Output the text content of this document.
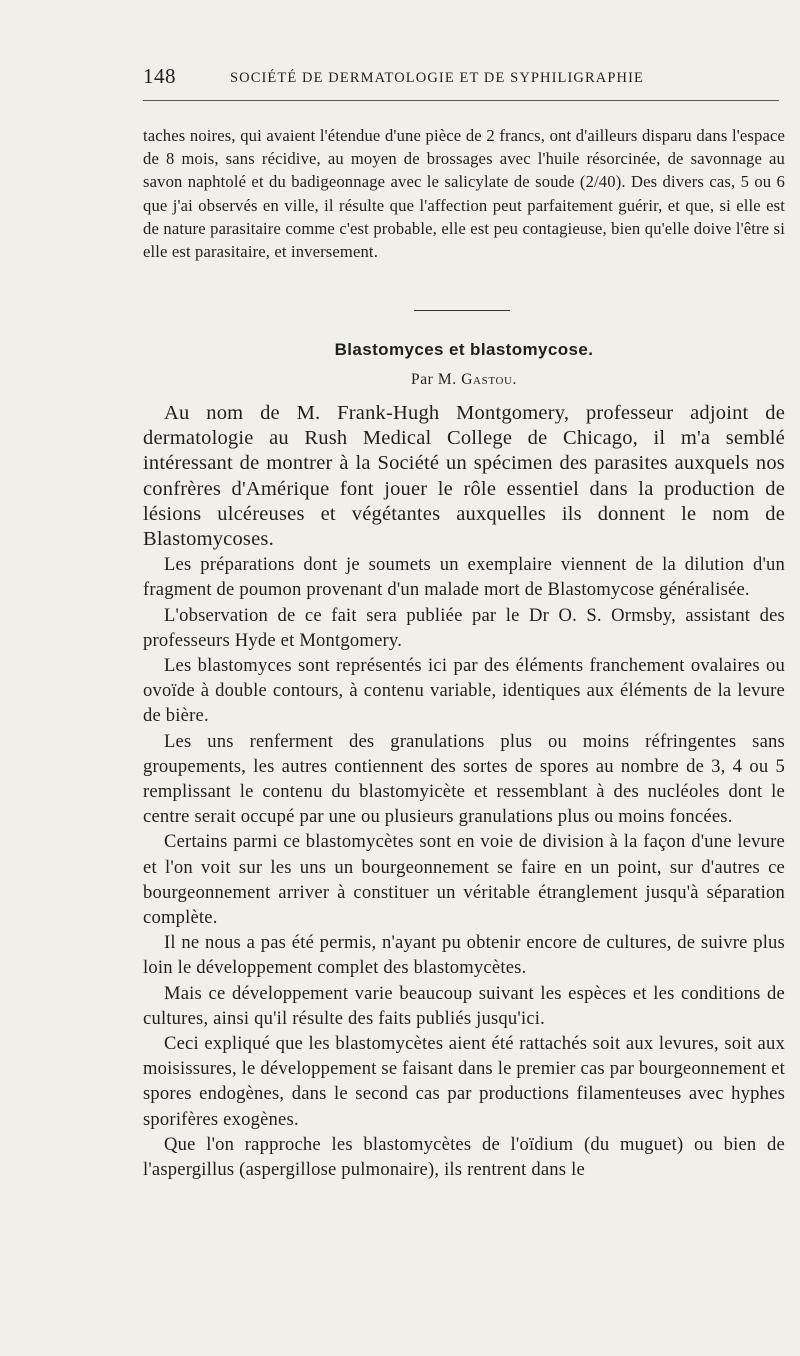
148	SOCIÉTÉ DE DERMATOLOGIE ET DE SYPHILIGRAPHIE

taches noires, qui avaient l'étendue d'une pièce de 2 francs, ont d'ailleurs disparu dans l'espace de 8 mois, sans récidive, au moyen de brossages avec l'huile résorcinée, de savonnage au savon naphtolé et du badigeonnage avec le salicylate de soude (2/40). Des divers cas, 5 ou 6 que j'ai observés en ville, il résulte que l'affection peut parfaitement guérir, et que, si elle est de nature parasitaire comme c'est probable, elle est peu contagieuse, bien qu'elle doive l'être si elle est parasitaire, et inversement.

Blastomyces et blastomycose.
Par M. Gastou.

Au nom de M. Frank-Hugh Montgomery, professeur adjoint de dermatologie au Rush Medical College de Chicago, il m'a semblé intéressant de montrer à la Société un spécimen des parasites auxquels nos confrères d'Amérique font jouer le rôle essentiel dans la production de lésions ulcéreuses et végétantes auxquelles ils donnent le nom de Blastomycoses.

Les préparations dont je soumets un exemplaire viennent de la dilution d'un fragment de poumon provenant d'un malade mort de Blastomycose généralisée.

L'observation de ce fait sera publiée par le Dr O. S. Ormsby, assistant des professeurs Hyde et Montgomery.

Les blastomyces sont représentés ici par des éléments franchement ovalaires ou ovoïde à double contours, à contenu variable, identiques aux éléments de la levure de bière.

Les uns renferment des granulations plus ou moins réfringentes sans groupements, les autres contiennent des sortes de spores au nombre de 3, 4 ou 5 remplissant le contenu du blastomyicète et ressemblant à des nucléoles dont le centre serait occupé par une ou plusieurs granulations plus ou moins foncées.

Certains parmi ce blastomycètes sont en voie de division à la façon d'une levure et l'on voit sur les uns un bourgeonnement se faire en un point, sur d'autres ce bourgeonnement arriver à constituer un véritable étranglement jusqu'à séparation complète.

Il ne nous a pas été permis, n'ayant pu obtenir encore de cultures, de suivre plus loin le développement complet des blastomycètes.

Mais ce développement varie beaucoup suivant les espèces et les conditions de cultures, ainsi qu'il résulte des faits publiés jusqu'ici.

Ceci expliqué que les blastomycètes aient été rattachés soit aux levures, soit aux moisissures, le développement se faisant dans le premier cas par bourgeonnement et spores endogènes, dans le second cas par productions filamenteuses avec hyphes sporifères exogènes.

Que l'on rapproche les blastomycètes de l'oïdium (du muguet) ou bien de l'aspergillus (aspergillose pulmonaire), ils rentrent dans le
